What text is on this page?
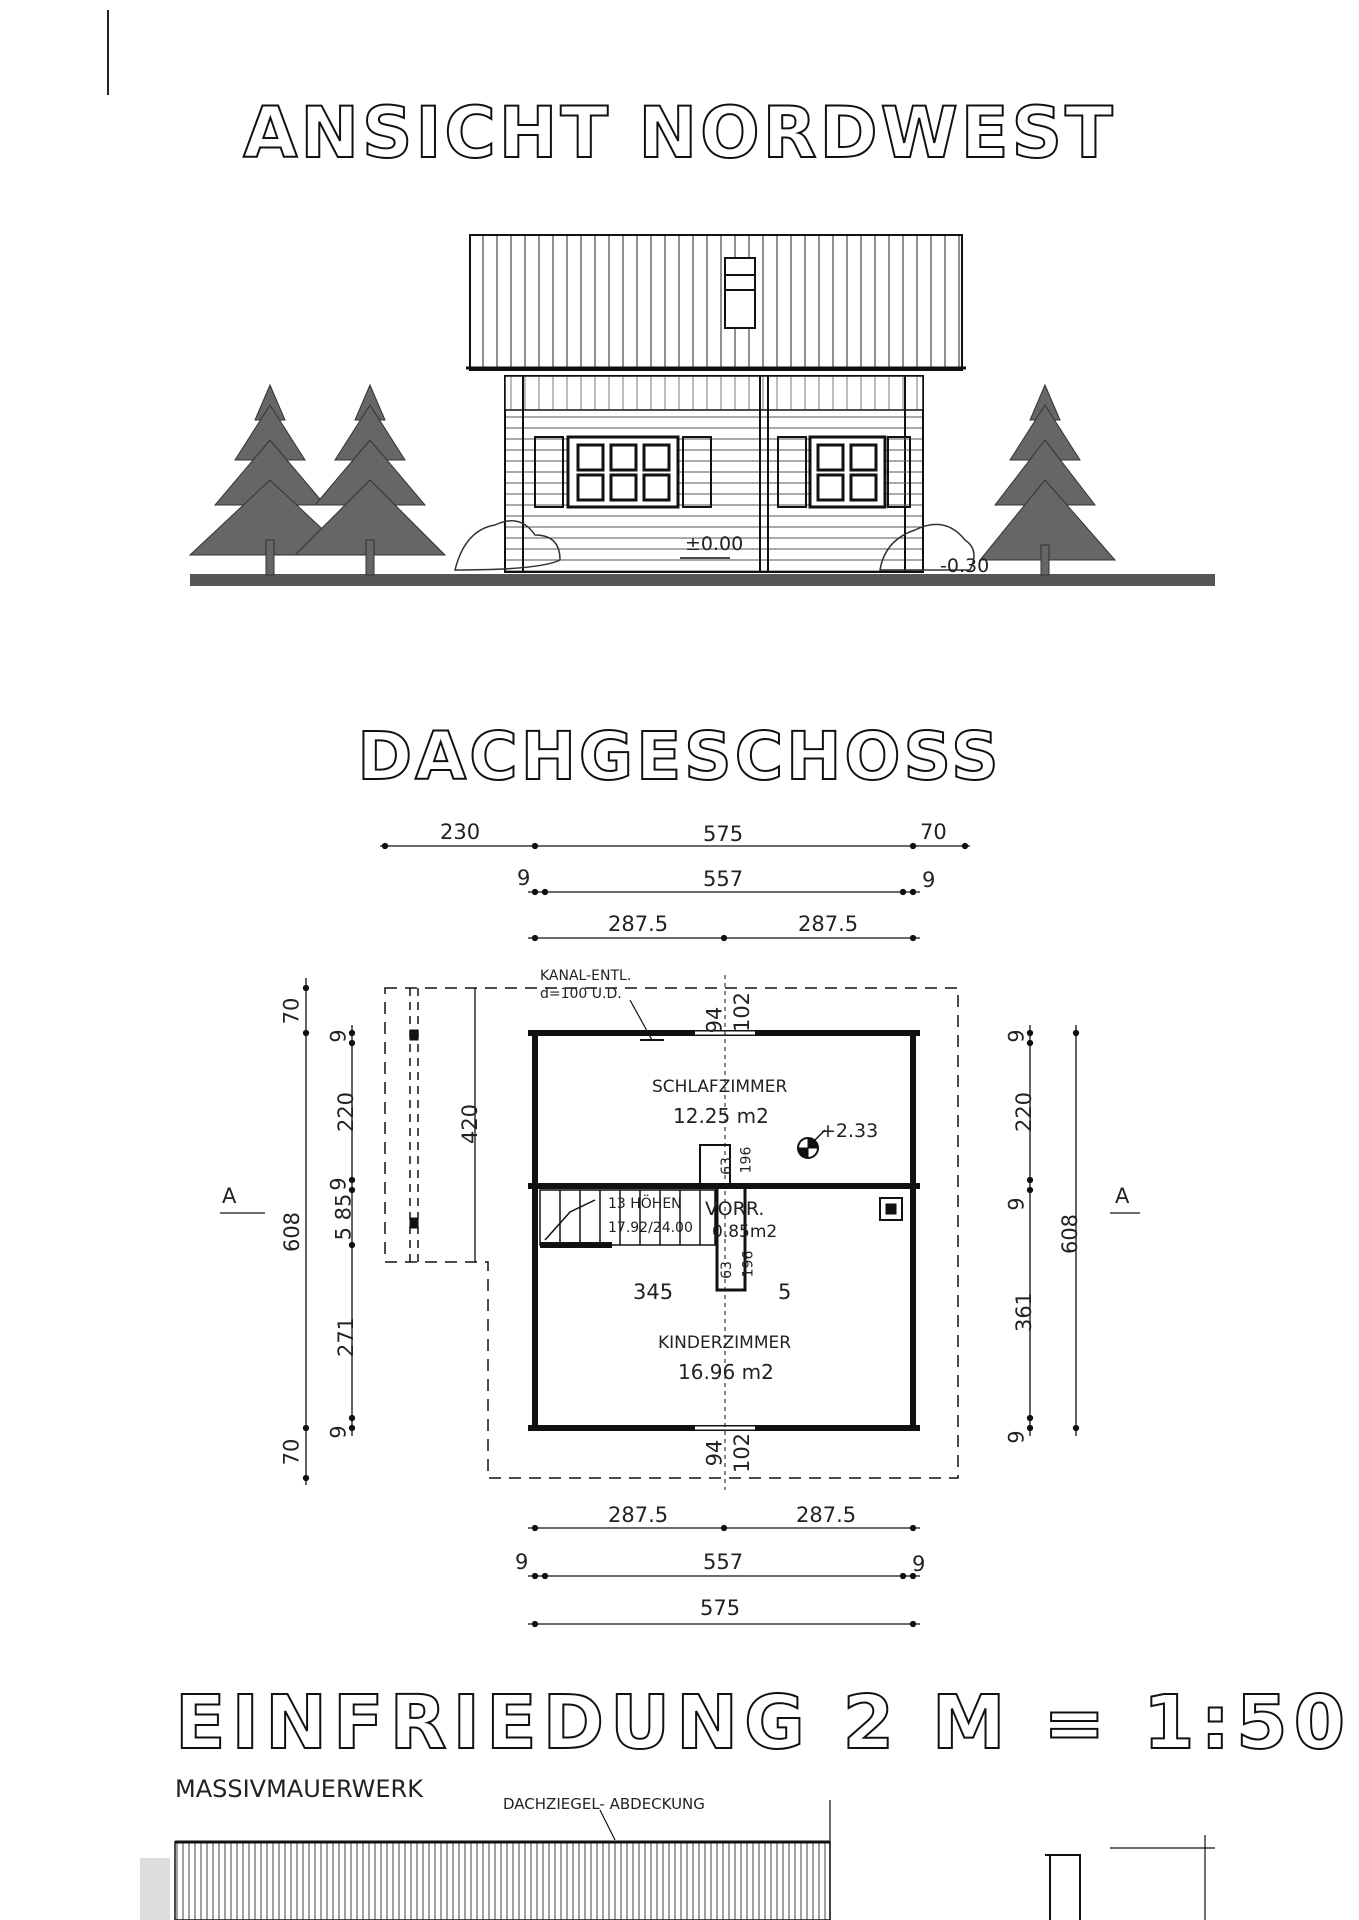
ANSICHT NORDWEST
DACHGESCHOSS
EINFRIEDUNG 2 M = 1:50
±0.00
-0.30
SCHLAFZIMMER
12.25 m2
KINDERZIMMER
16.96 m2
VORR.
0.85m2
KANAL-ENTL.
d=100 U.D.
13 HÖHEN
17.92/24.00
+2.33
A	A
230	575	70
9	557	9
287.5	287.5
287.5	287.5
9	557	9
575
70
9
220
9
5 85
608
271
9
70
420
9
220
9
361
9
608
94 102
94 102
63 196
63 196
345	5
MASSIVMAUERWERK
DACHZIEGEL- ABDECKUNG
